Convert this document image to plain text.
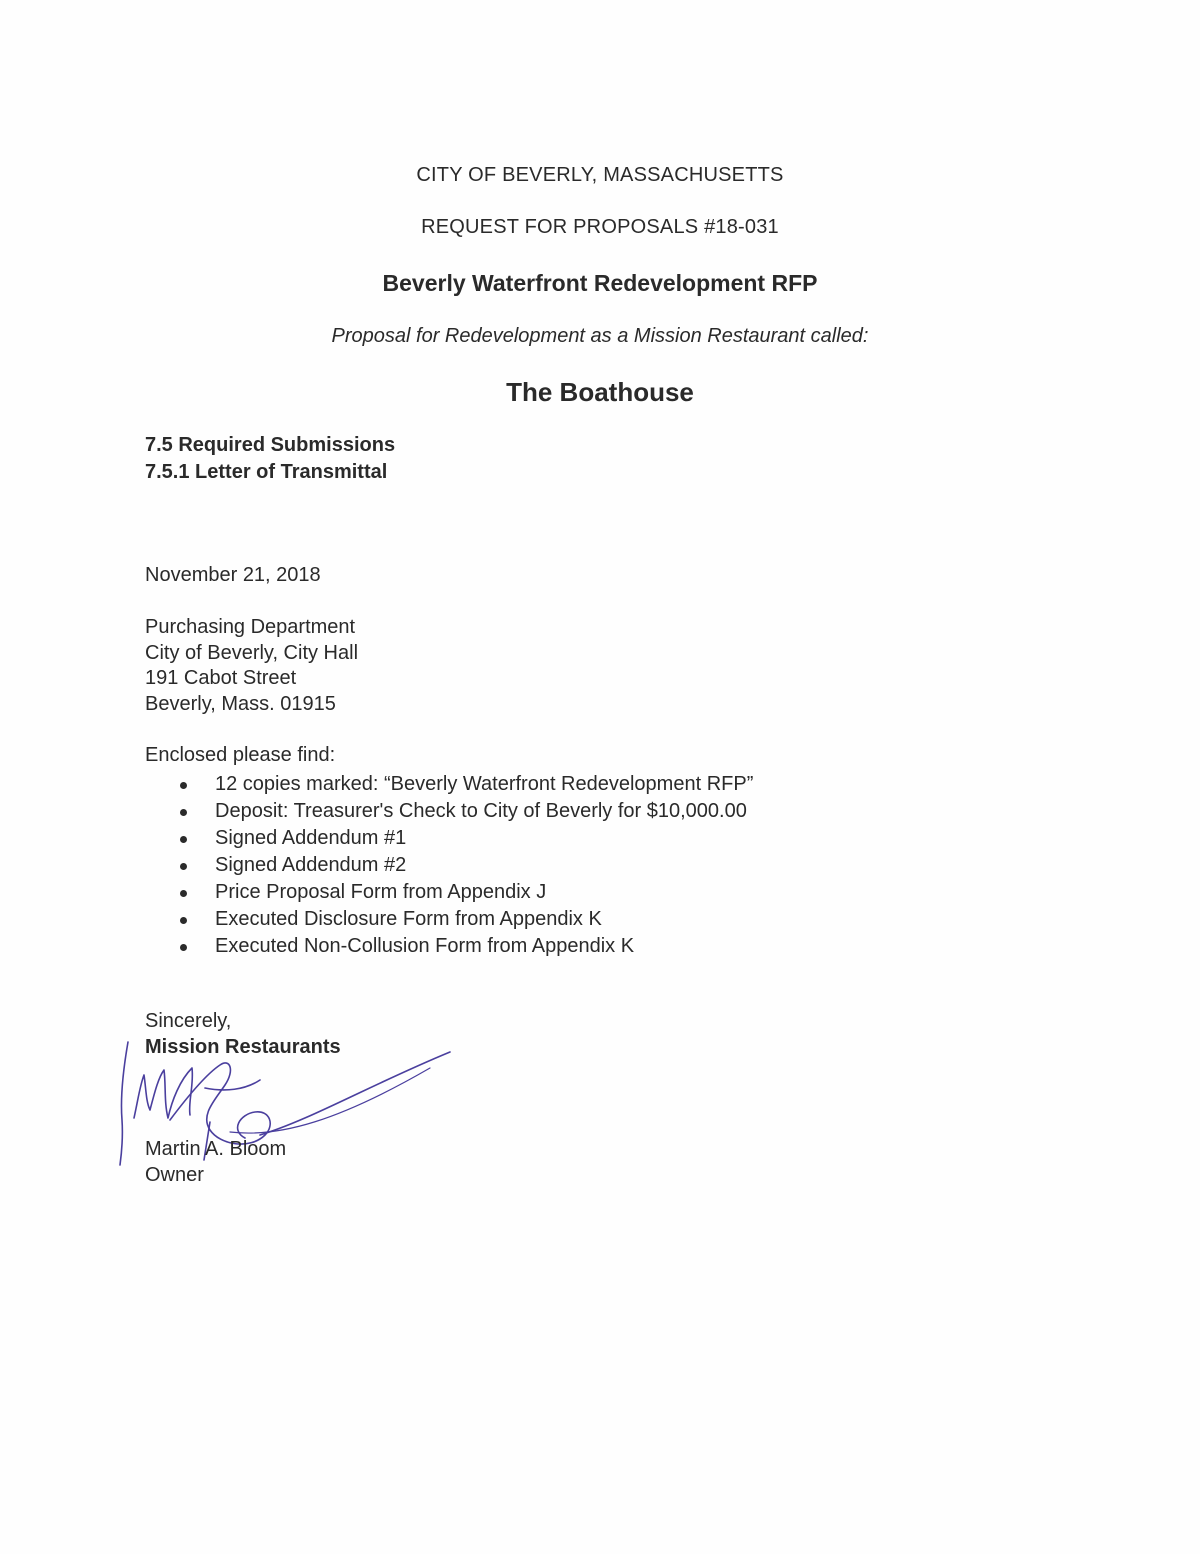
CITY OF BEVERLY, MASSACHUSETTS
REQUEST FOR PROPOSALS #18-031
Beverly Waterfront Redevelopment RFP
Proposal for Redevelopment as a Mission Restaurant called:
The Boathouse
7.5 Required Submissions
7.5.1 Letter of Transmittal
November 21, 2018
Purchasing Department
City of Beverly, City Hall
191 Cabot Street
Beverly, Mass. 01915
Enclosed please find:
12 copies marked: “Beverly Waterfront Redevelopment RFP”
Deposit: Treasurer's Check to City of Beverly for $10,000.00
Signed Addendum #1
Signed Addendum #2
Price Proposal Form from Appendix J
Executed Disclosure Form from Appendix K
Executed Non-Collusion Form from Appendix K
Sincerely,
Mission Restaurants
Martin A. Bloom
Owner
